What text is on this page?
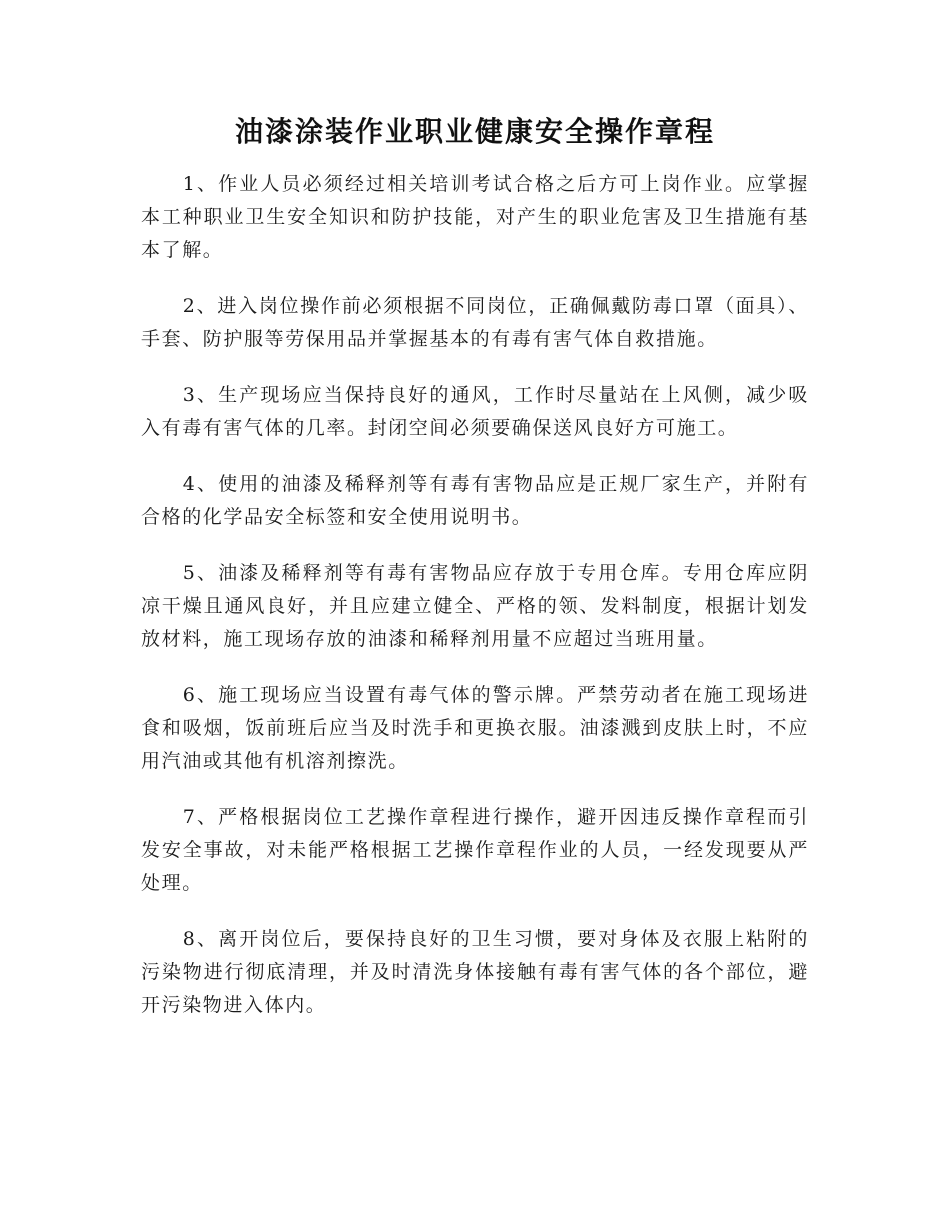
油漆涂装作业职业健康安全操作章程

1、作业人员必须经过相关培训考试合格之后方可上岗作业。应掌握本工种职业卫生安全知识和防护技能，对产生的职业危害及卫生措施有基本了解。

2、进入岗位操作前必须根据不同岗位，正确佩戴防毒口罩（面具）、手套、防护服等劳保用品并掌握基本的有毒有害气体自救措施。

3、生产现场应当保持良好的通风，工作时尽量站在上风侧，减少吸入有毒有害气体的几率。封闭空间必须要确保送风良好方可施工。

4、使用的油漆及稀释剂等有毒有害物品应是正规厂家生产，并附有合格的化学品安全标签和安全使用说明书。

5、油漆及稀释剂等有毒有害物品应存放于专用仓库。专用仓库应阴凉干燥且通风良好，并且应建立健全、严格的领、发料制度，根据计划发放材料，施工现场存放的油漆和稀释剂用量不应超过当班用量。

6、施工现场应当设置有毒气体的警示牌。严禁劳动者在施工现场进食和吸烟，饭前班后应当及时洗手和更换衣服。油漆溅到皮肤上时，不应用汽油或其他有机溶剂擦洗。

7、严格根据岗位工艺操作章程进行操作，避开因违反操作章程而引发安全事故，对未能严格根据工艺操作章程作业的人员，一经发现要从严处理。

8、离开岗位后，要保持良好的卫生习惯，要对身体及衣服上粘附的污染物进行彻底清理，并及时清洗身体接触有毒有害气体的各个部位，避开污染物进入体内。
